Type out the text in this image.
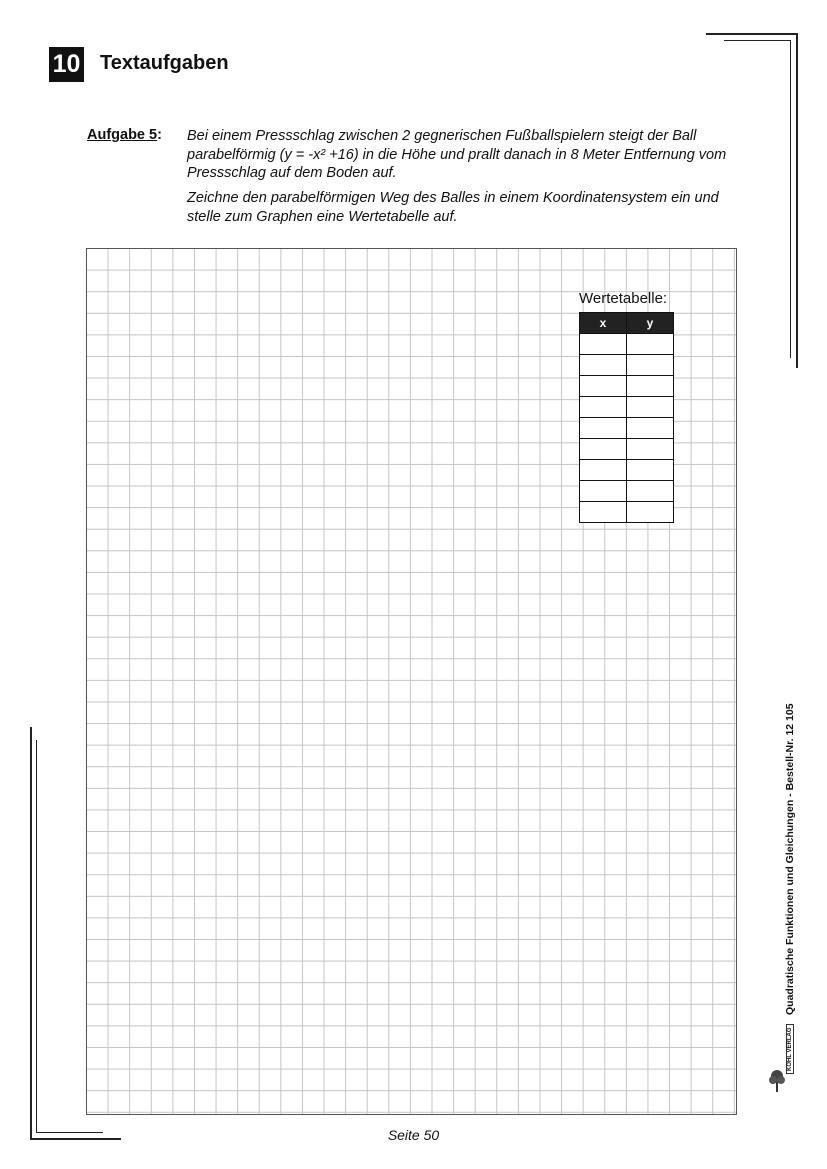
10 Textaufgaben
Aufgabe 5: Bei einem Pressschlag zwischen 2 gegnerischen Fußballspielern steigt der Ball parabelförmig (y = -x² +16) in die Höhe und prallt danach in 8 Meter Entfernung vom Pressschlag auf dem Boden auf.

Zeichne den parabelförmigen Weg des Balles in einem Koordinatensystem ein und stelle zum Graphen eine Wertetabelle auf.

Wertetabelle:
x	y

Seite 50
Quadratische Funktionen und Gleichungen - Bestell-Nr. 12 105
KOHL VERLAG
